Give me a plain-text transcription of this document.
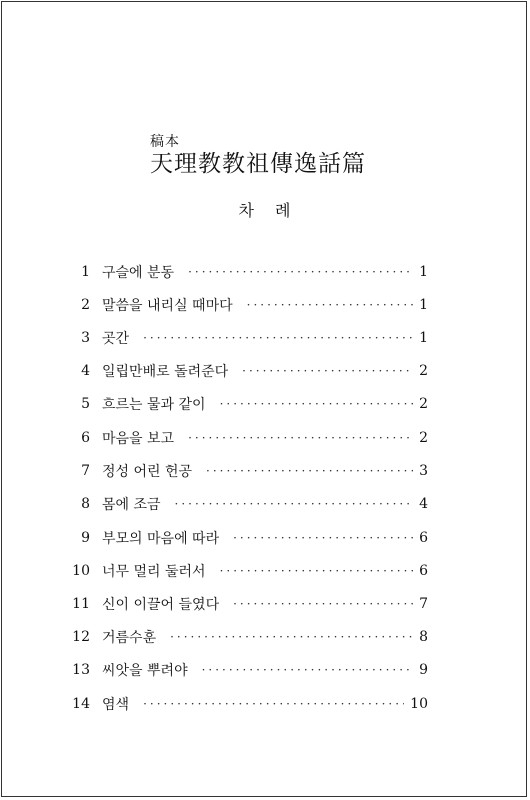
稿本
天理教教祖傳逸話篇
차 례
1 구슬에 분동 ·····	1
2 말씀을 내리실 때마다 ·····	1
3 곳간 ·····	1
4 일립만배로 돌려준다 ·····	2
5 흐르는 물과 같이 ·····	2
6 마음을 보고 ·····	2
7 정성 어린 헌공 ·····	3
8 몸에 조금 ·····	4
9 부모의 마음에 따라 ·····	6
10 너무 멀리 둘러서 ·····	6
11 신이 이끌어 들였다 ·····	7
12 거름수훈 ·····	8
13 씨앗을 뿌려야 ·····	9
14 염색 ·····	10
